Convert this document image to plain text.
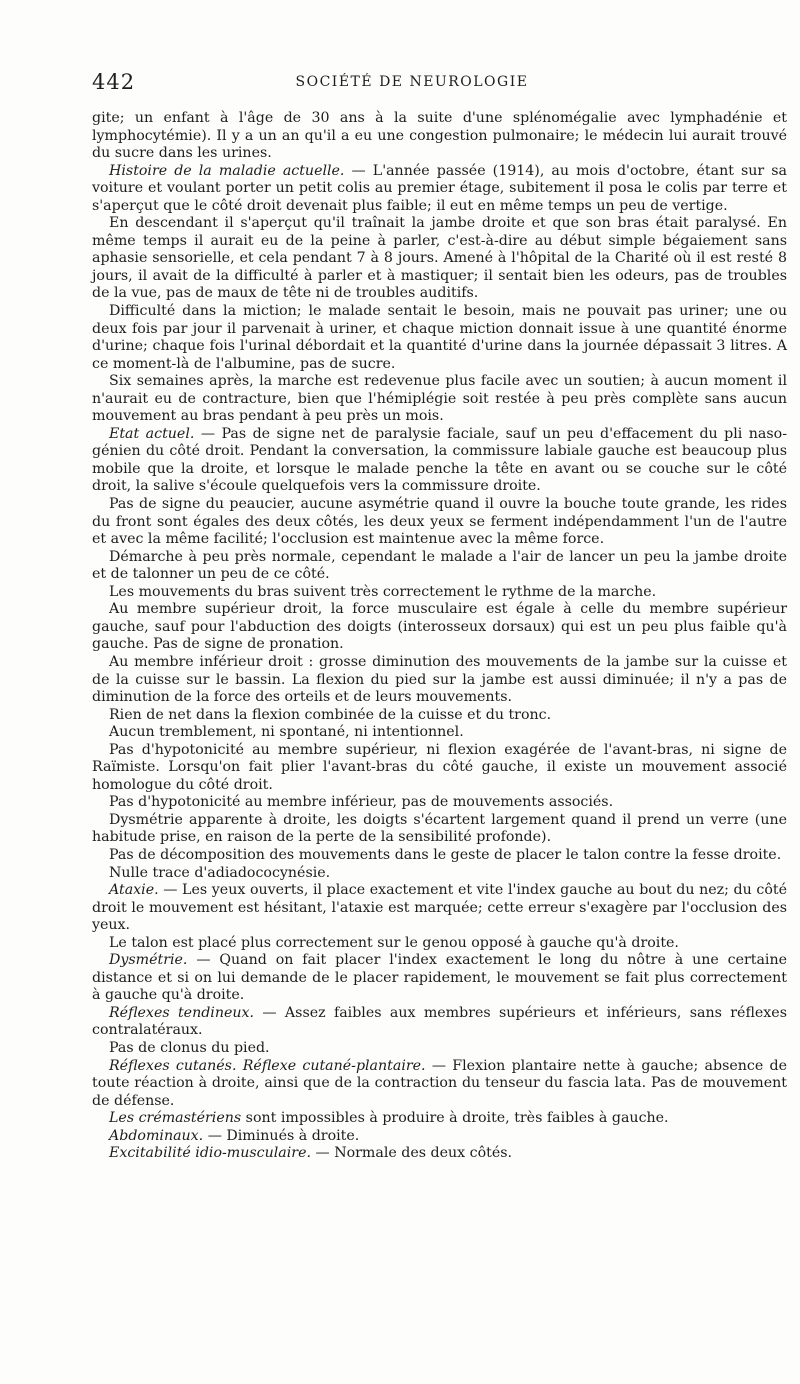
442	SOCIÉTÉ DE NEUROLOGIE

gite; un enfant à l'âge de 30 ans à la suite d'une splénomégalie avec lymphadénie et lymphocytémie). Il y a un an qu'il a eu une congestion pulmonaire; le médecin lui aurait trouvé du sucre dans les urines.

Histoire de la maladie actuelle. — L'année passée (1914), au mois d'octobre, étant sur sa voiture et voulant porter un petit colis au premier étage, subitement il posa le colis par terre et s'aperçut que le côté droit devenait plus faible; il eut en même temps un peu de vertige.

En descendant il s'aperçut qu'il traînait la jambe droite et que son bras était paralysé. En même temps il aurait eu de la peine à parler, c'est-à-dire au début simple bégaiement sans aphasie sensorielle, et cela pendant 7 à 8 jours. Amené à l'hôpital de la Charité où il est resté 8 jours, il avait de la difficulté à parler et à mastiquer; il sentait bien les odeurs, pas de troubles de la vue, pas de maux de tête ni de troubles auditifs.

Difficulté dans la miction; le malade sentait le besoin, mais ne pouvait pas uriner; une ou deux fois par jour il parvenait à uriner, et chaque miction donnait issue à une quantité énorme d'urine; chaque fois l'urinal débordait et la quantité d'urine dans la journée dépassait 3 litres. A ce moment-là de l'albumine, pas de sucre.

Six semaines après, la marche est redevenue plus facile avec un soutien; à aucun moment il n'aurait eu de contracture, bien que l'hémiplégie soit restée à peu près complète sans aucun mouvement au bras pendant à peu près un mois.

Etat actuel. — Pas de signe net de paralysie faciale, sauf un peu d'effacement du pli naso-génien du côté droit. Pendant la conversation, la commissure labiale gauche est beaucoup plus mobile que la droite, et lorsque le malade penche la tête en avant ou se couche sur le côté droit, la salive s'écoule quelquefois vers la commissure droite.

Pas de signe du peaucier, aucune asymétrie quand il ouvre la bouche toute grande, les rides du front sont égales des deux côtés, les deux yeux se ferment indépendamment l'un de l'autre et avec la même facilité; l'occlusion est maintenue avec la même force.

Démarche à peu près normale, cependant le malade a l'air de lancer un peu la jambe droite et de talonner un peu de ce côté.

Les mouvements du bras suivent très correctement le rythme de la marche.

Au membre supérieur droit, la force musculaire est égale à celle du membre supérieur gauche, sauf pour l'abduction des doigts (interosseux dorsaux) qui est un peu plus faible qu'à gauche. Pas de signe de pronation.

Au membre inférieur droit : grosse diminution des mouvements de la jambe sur la cuisse et de la cuisse sur le bassin. La flexion du pied sur la jambe est aussi diminuée; il n'y a pas de diminution de la force des orteils et de leurs mouvements.

Rien de net dans la flexion combinée de la cuisse et du tronc.

Aucun tremblement, ni spontané, ni intentionnel.

Pas d'hypotonicité au membre supérieur, ni flexion exagérée de l'avant-bras, ni signe de Raïmiste. Lorsqu'on fait plier l'avant-bras du côté gauche, il existe un mouvement associé homologue du côté droit.

Pas d'hypotonicité au membre inférieur, pas de mouvements associés.

Dysmétrie apparente à droite, les doigts s'écartent largement quand il prend un verre (une habitude prise, en raison de la perte de la sensibilité profonde).

Pas de décomposition des mouvements dans le geste de placer le talon contre la fesse droite.

Nulle trace d'adiadococynésie.

Ataxie. — Les yeux ouverts, il place exactement et vite l'index gauche au bout du nez; du côté droit le mouvement est hésitant, l'ataxie est marquée; cette erreur s'exagère par l'occlusion des yeux.

Le talon est placé plus correctement sur le genou opposé à gauche qu'à droite.

Dysmétrie. — Quand on fait placer l'index exactement le long du nôtre à une certaine distance et si on lui demande de le placer rapidement, le mouvement se fait plus correctement à gauche qu'à droite.

Réflexes tendineux. — Assez faibles aux membres supérieurs et inférieurs, sans réflexes contralatéraux.

Pas de clonus du pied.

Réflexes cutanés. Réflexe cutané-plantaire. — Flexion plantaire nette à gauche; absence de toute réaction à droite, ainsi que de la contraction du tenseur du fascia lata. Pas de mouvement de défense.

Les crémastériens sont impossibles à produire à droite, très faibles à gauche.

Abdominaux. — Diminués à droite.

Excitabilité idio-musculaire. — Normale des deux côtés.
